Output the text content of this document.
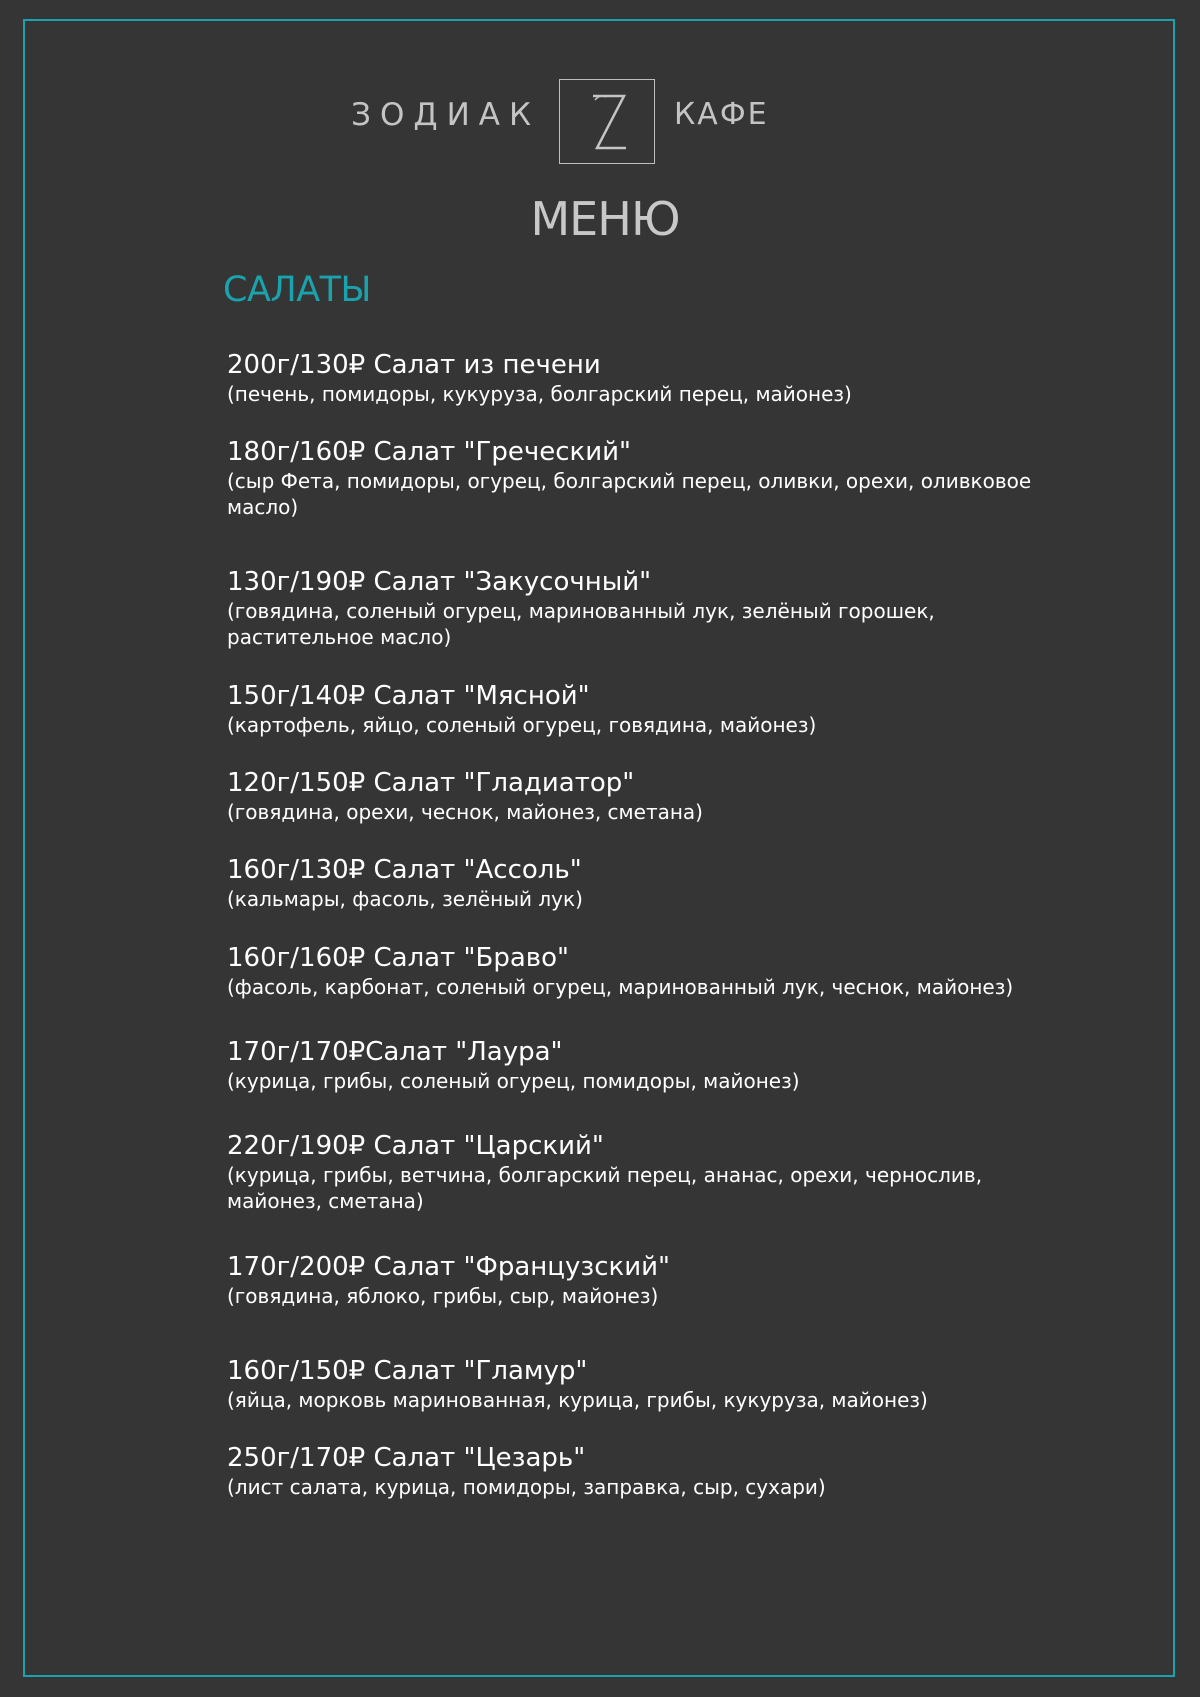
ЗОДИАК	КАФЕ
МЕНЮ
САЛАТЫ
200г/130₽ Салат из печени
(печень, помидоры, кукуруза, болгарский перец, майонез)
180г/160₽ Салат "Греческий"
(сыр Фета, помидоры, огурец, болгарский перец, оливки, орехи, оливковое масло)
130г/190₽ Салат "Закусочный"
(говядина, соленый огурец, маринованный лук, зелёный горошек, растительное масло)
150г/140₽ Салат "Мясной"
(картофель, яйцо, соленый огурец, говядина, майонез)
120г/150₽ Салат "Гладиатор"
(говядина, орехи, чеснок, майонез, сметана)
160г/130₽ Салат "Ассоль"
(кальмары, фасоль, зелёный лук)
160г/160₽ Салат "Браво"
(фасоль, карбонат, соленый огурец, маринованный лук, чеснок, майонез)
170г/170₽Салат "Лаура"
(курица, грибы, соленый огурец, помидоры, майонез)
220г/190₽ Салат "Царский"
(курица, грибы, ветчина, болгарский перец, ананас, орехи, чернослив, майонез, сметана)
170г/200₽ Салат "Французский"
(говядина, яблоко, грибы, сыр, майонез)
160г/150₽ Салат "Гламур"
(яйца, морковь маринованная, курица, грибы, кукуруза, майонез)
250г/170₽ Салат "Цезарь"
(лист салата, курица, помидоры, заправка, сыр, сухари)
